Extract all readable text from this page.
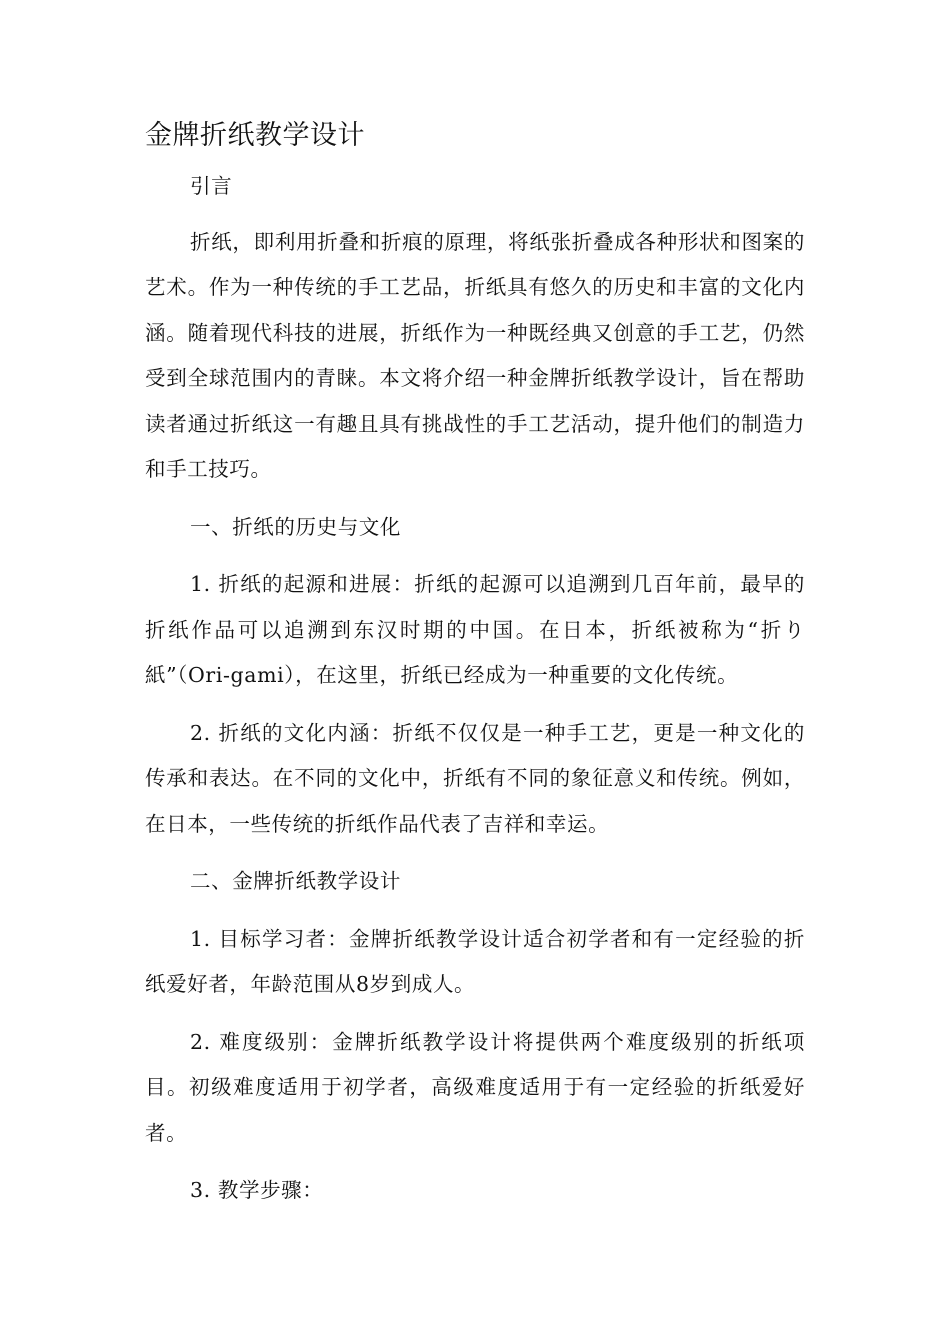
金牌折纸教学设计
引言

折纸，即利用折叠和折痕的原理，将纸张折叠成各种形状和图案的艺术。作为一种传统的手工艺品，折纸具有悠久的历史和丰富的文化内涵。随着现代科技的进展，折纸作为一种既经典又创意的手工艺，仍然受到全球范围内的青睐。本文将介绍一种金牌折纸教学设计，旨在帮助读者通过折纸这一有趣且具有挑战性的手工艺活动，提升他们的制造力和手工技巧。

一、折纸的历史与文化

1. 折纸的起源和进展：折纸的起源可以追溯到几百年前，最早的折纸作品可以追溯到东汉时期的中国。在日本，折纸被称为“折り紙”（Ori-gami），在这里，折纸已经成为一种重要的文化传统。

2. 折纸的文化内涵：折纸不仅仅是一种手工艺，更是一种文化的传承和表达。在不同的文化中，折纸有不同的象征意义和传统。例如，在日本，一些传统的折纸作品代表了吉祥和幸运。

二、金牌折纸教学设计

1. 目标学习者：金牌折纸教学设计适合初学者和有一定经验的折纸爱好者，年龄范围从8岁到成人。

2. 难度级别：金牌折纸教学设计将提供两个难度级别的折纸项目。初级难度适用于初学者，高级难度适用于有一定经验的折纸爱好者。

3. 教学步骤：
